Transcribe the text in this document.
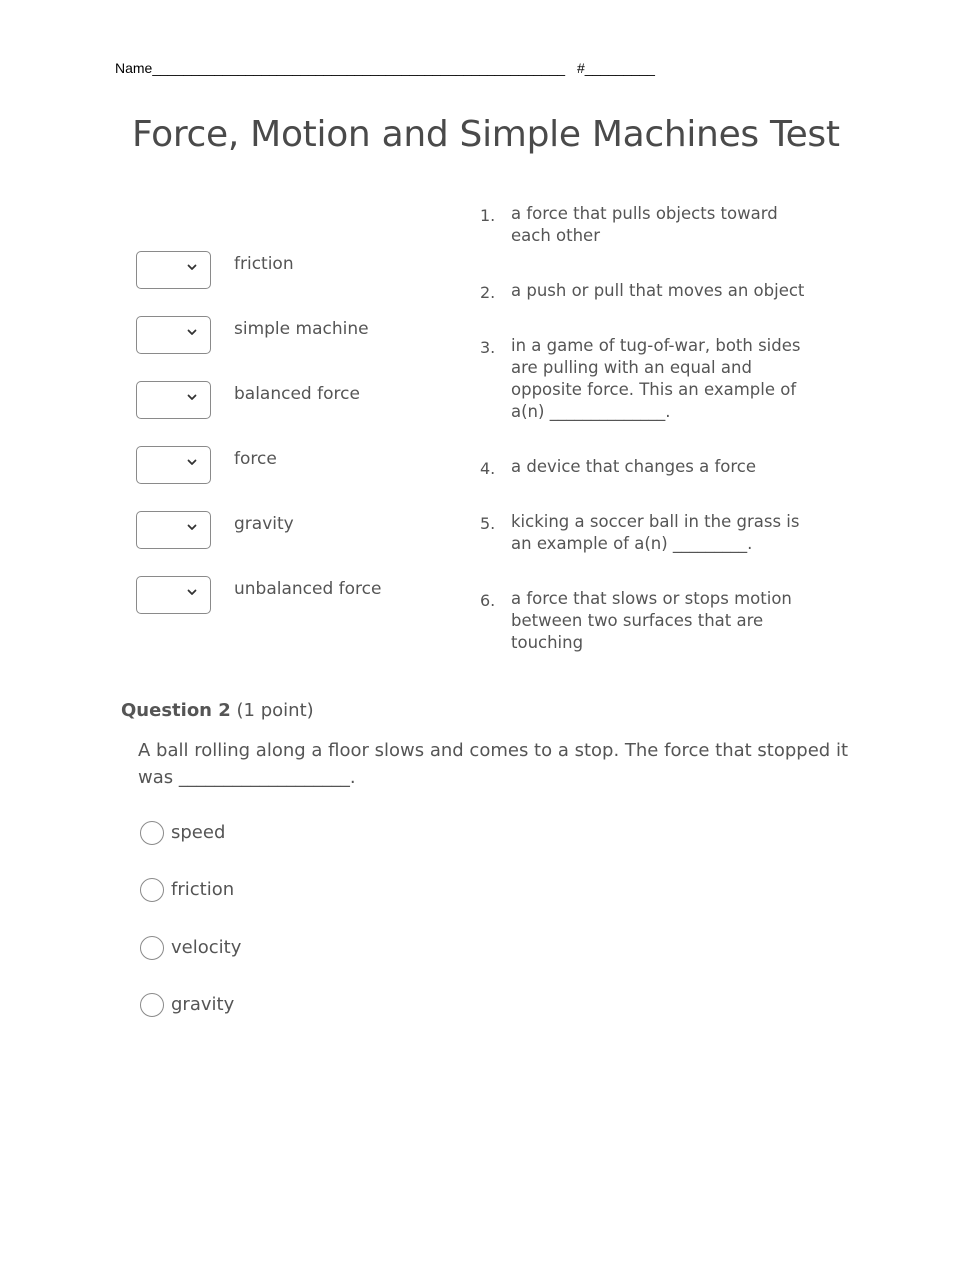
Name_____________________________________________________ #_________
Force, Motion and Simple Machines Test
friction
simple machine
balanced force
force
gravity
unbalanced force
1. a force that pulls objects toward each other
2. a push or pull that moves an object
3. in a game of tug-of-war, both sides are pulling with an equal and opposite force. This an example of a(n) ______________.
4. a device that changes a force
5. kicking a soccer ball in the grass is an example of a(n) _________.
6. a force that slows or stops motion between two surfaces that are touching
Question 2 (1 point)
A ball rolling along a floor slows and comes to a stop. The force that stopped it was ___________________.
speed
friction
velocity
gravity
